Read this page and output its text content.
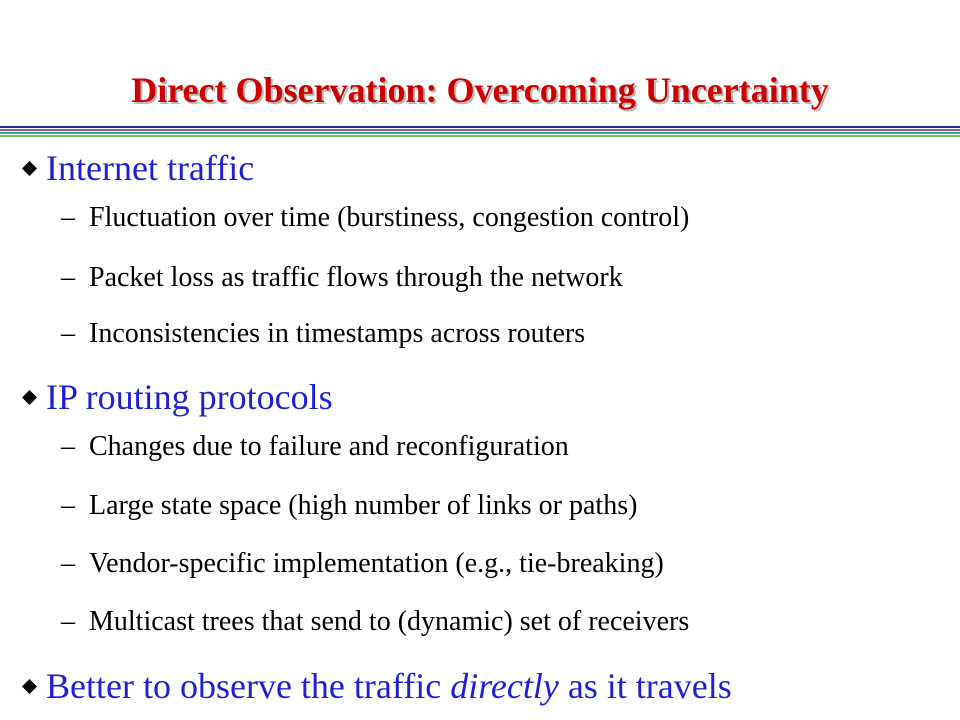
Direct Observation: Overcoming Uncertainty
Internet traffic
– Fluctuation over time (burstiness, congestion control)
– Packet loss as traffic flows through the network
– Inconsistencies in timestamps across routers
IP routing protocols
– Changes due to failure and reconfiguration
– Large state space (high number of links or paths)
– Vendor-specific implementation (e.g., tie-breaking)
– Multicast trees that send to (dynamic) set of receivers
Better to observe the traffic directly as it travels
